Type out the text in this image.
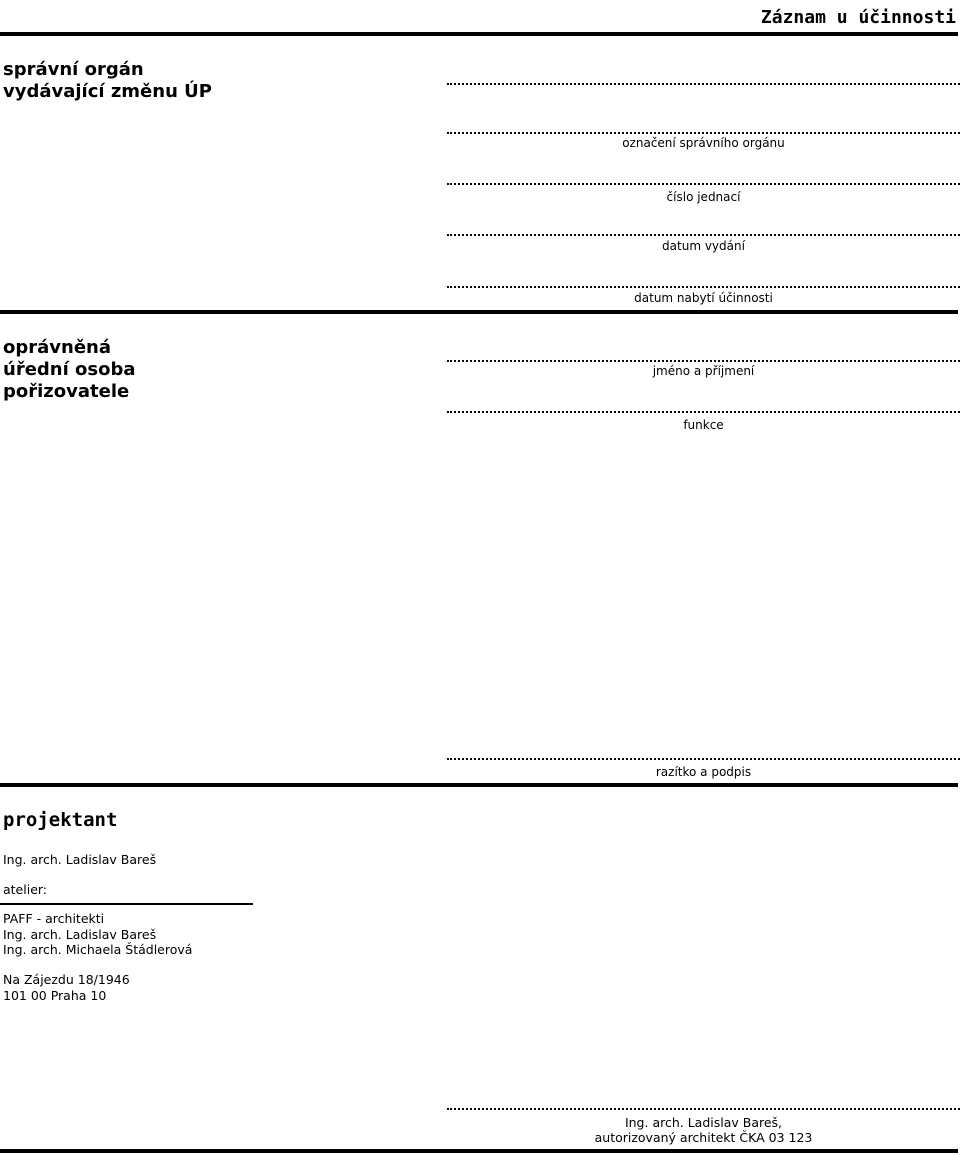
Záznam u účinnosti
správní orgán
vydávající změnu ÚP
označení správního orgánu
číslo jednací
datum vydání
datum nabytí účinnosti
oprávněná
úřední osoba
pořizovatele
jméno a příjmení
funkce
razítko a podpis
projektant
Ing. arch. Ladislav Bareš
atelier:
PAFF - architekti
Ing. arch. Ladislav Bareš
Ing. arch. Michaela Štádlerová
Na Zájezdu 18/1946
101 00 Praha 10
Ing. arch. Ladislav Bareš,
autorizovaný architekt ČKA 03 123
